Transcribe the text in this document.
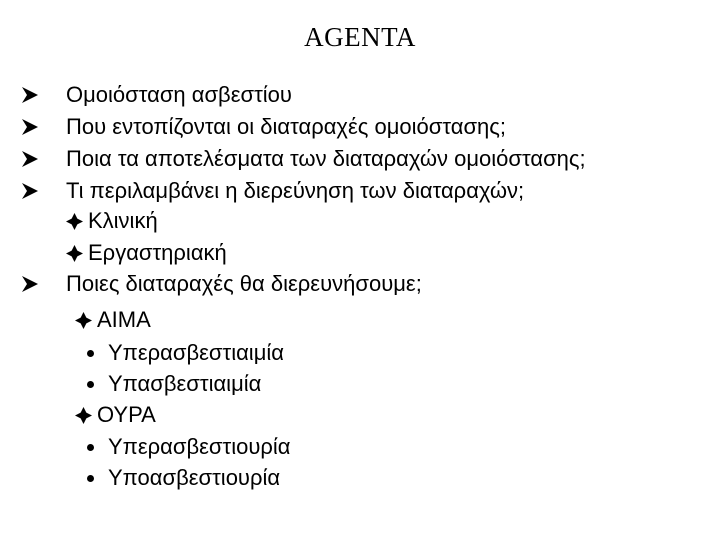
AGENTA
Ομοιόσταση ασβεστίου
Που εντοπίζονται οι διαταραχές ομοιόστασης;
Ποια τα αποτελέσματα των διαταραχών ομοιόστασης;
Τι περιλαμβάνει η διερεύνηση των διαταραχών;
Κλινική
Εργαστηριακή
Ποιες διαταραχές θα διερευνήσουμε;
ΑΙΜΑ
Υπερασβεστιαιμία
Υπασβεστιαιμία
ΟΥΡΑ
Υπερασβεστιουρία
Υποασβεστιουρία
